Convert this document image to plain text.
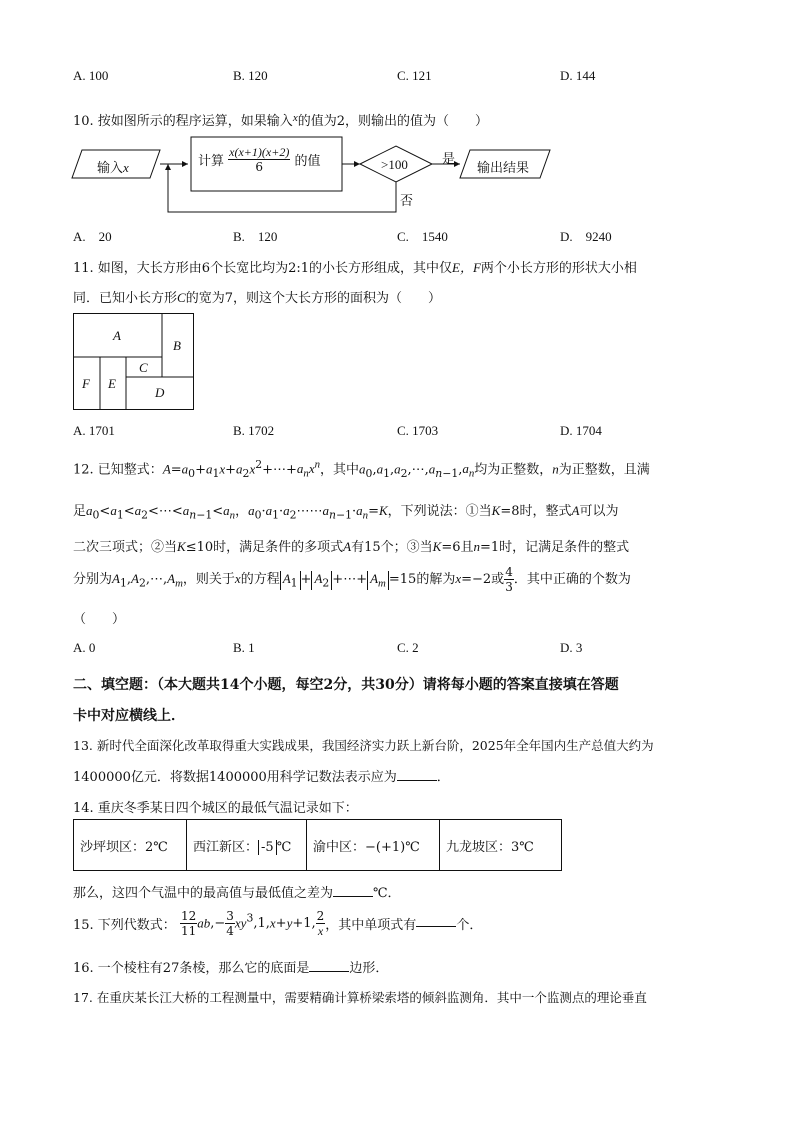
A. 100	B. 120	C. 121	D. 144
10. 按如图所示的程序运算，如果输入$^x$的值为2，则输出的值为（　　）
输入x	计算 $\frac{x(x+1)(x+2)}{6}$ 的值	>100	是
否
输出结果
A.　20	B.　120	C.　1540	D.　9240
11. 如图，大长方形由6个长宽比均为2:1的小长方形组成，其中仅E，F两个小长方形的形状大小相
同．已知小长方形C的宽为7，则这个大长方形的面积为（　　）
A
B
C
D
E
F
A. 1701	B. 1702	C. 1703	D. 1704
12. 已知整式：$A=a_0+a_1x+a_2x^2+\cdots+a_nx^n$，其中$a_0,a_1,a_2,\cdots,a_{n-1},a_n$均为正整数，n为正整数，且满
足$a_0<a_1<a_2<\cdots<a_{n-1}<a_n$，$a_0\cdot a_1\cdot a_2\cdots\cdots a_{n-1}\cdot a_n=K$，下列说法：①当K=8时，整式A可以为
二次三项式；②当K≤10时，满足条件的多项式A有15个；③当K=6且n=1时，记满足条件的整式
分别为$A_1,A_2,\cdots,A_m$，则关于x的方程 $A_1 + A_2$ +⋯+ $A_m =15$的解为x=−2或 $\frac{4}{3}$ ．其中正确的个数为
（　　）
A. 0	B. 1	C. 2	D. 3
二、填空题：（本大题共14个小题，每空2分，共30分）请将每小题的答案直接填在答题
卡中对应横线上．
13. 新时代全面深化改革取得重大实践成果，我国经济实力跃上新台阶，2025年全年国内生产总值大约为
1400000亿元．将数据1400000用科学记数法表示应为	．
14. 重庆冬季某日四个城区的最低气温记录如下：
沙坪坝区：2℃	西江新区： -5 ℃	渝中区：−(+1)℃	九龙坡区：3℃
那么，这四个气温中的最高值与最低值之差为	℃．
15. 下列代数式： $\frac{12}{11} ab,- \frac{3}{4} xy^3,1,x+y+1$, $\frac{2}{x}$ ，其中单项式有	个．
16. 一个棱柱有27条棱，那么它的底面是	边形．
17. 在重庆某长江大桥的工程测量中，需要精确计算桥梁索塔的倾斜监测角．其中一个监测点的理论垂直
